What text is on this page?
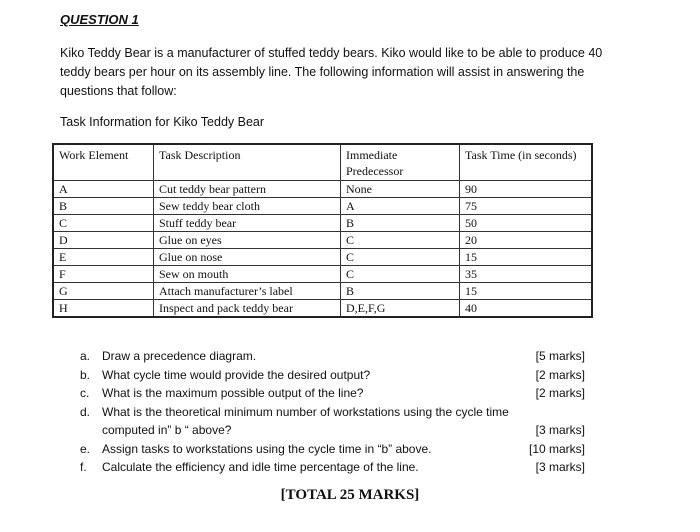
QUESTION 1
Kiko Teddy Bear is a manufacturer of stuffed teddy bears. Kiko would like to be able to produce 40 teddy bears per hour on its assembly line. The following information will assist in answering the questions that follow:
Task Information for Kiko Teddy Bear
Work Element	Task Description	Immediate Predecessor	Task Time (in seconds)
A	Cut teddy bear pattern	None	90
B	Sew teddy bear cloth	A	75
C	Stuff teddy bear	B	50
D	Glue on eyes	C	20
E	Glue on nose	C	15
F	Sew on mouth	C	35
G	Attach manufacturer’s label	B	15
H	Inspect and pack teddy bear	D,E,F,G	40
a. Draw a precedence diagram.	[5 marks]
b. What cycle time would provide the desired output?	[2 marks]
c. What is the maximum possible output of the line?	[2 marks]
d. What is the theoretical minimum number of workstations using the cycle time computed in” b “ above?	[3 marks]
e. Assign tasks to workstations using the cycle time in “b” above.	[10 marks]
f. Calculate the efficiency and idle time percentage of the line.	[3 marks]
[TOTAL 25 MARKS]
